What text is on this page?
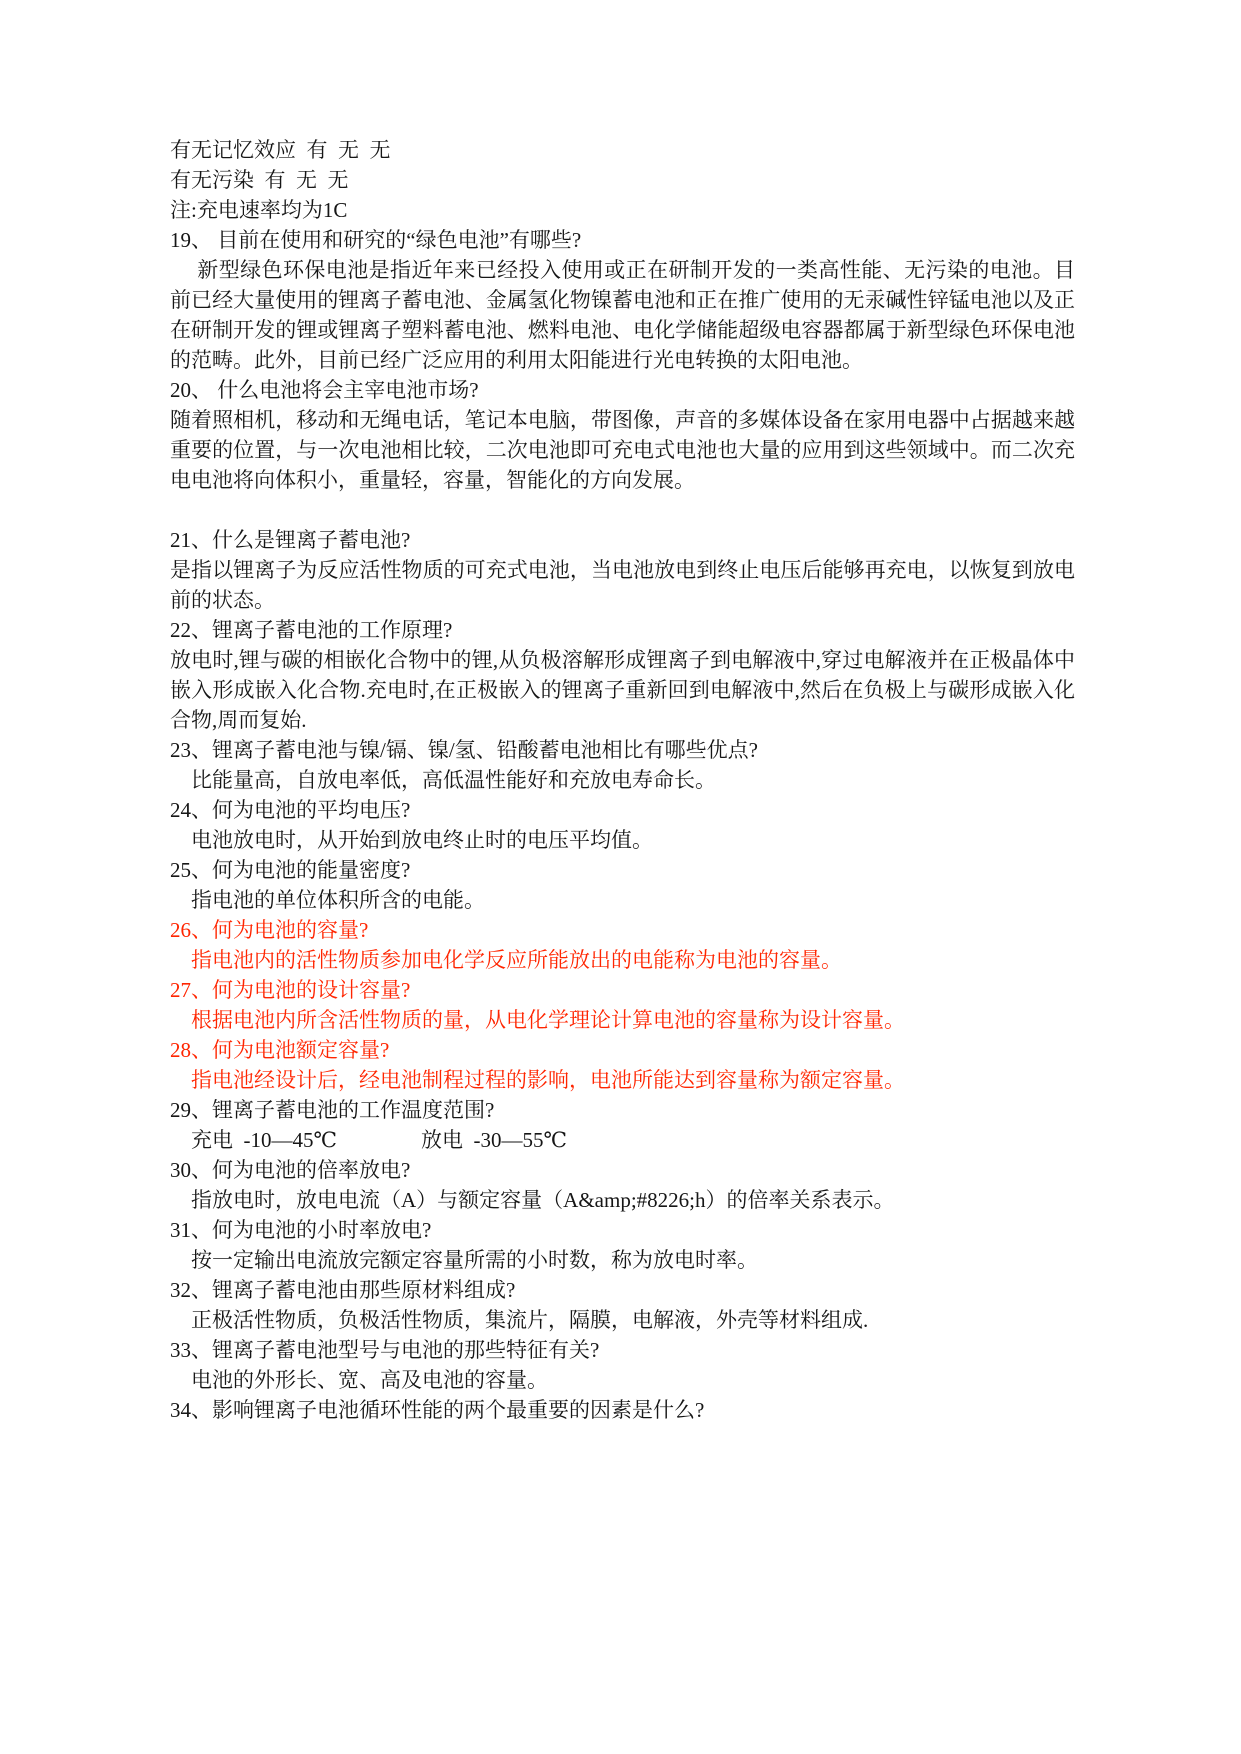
有无记忆效应  有  无  无
有无污染  有  无  无
注:充电速率均为1C
19、 目前在使用和研究的“绿色电池”有哪些?
新型绿色环保电池是指近年来已经投入使用或正在研制开发的一类高性能、无污染的电池。目前已经大量使用的锂离子蓄电池、金属氢化物镍蓄电池和正在推广使用的无汞碱性锌锰电池以及正在研制开发的锂或锂离子塑料蓄电池、燃料电池、电化学储能超级电容器都属于新型绿色环保电池的范畴。此外，目前已经广泛应用的利用太阳能进行光电转换的太阳电池。
20、 什么电池将会主宰电池市场?
随着照相机，移动和无绳电话，笔记本电脑，带图像，声音的多媒体设备在家用电器中占据越来越重要的位置，与一次电池相比较，二次电池即可充电式电池也大量的应用到这些领域中。而二次充电电池将向体积小，重量轻，容量，智能化的方向发展。

21、什么是锂离子蓄电池?
是指以锂离子为反应活性物质的可充式电池，当电池放电到终止电压后能够再充电，以恢复到放电前的状态。
22、锂离子蓄电池的工作原理?
放电时,锂与碳的相嵌化合物中的锂,从负极溶解形成锂离子到电解液中,穿过电解液并在正极晶体中嵌入形成嵌入化合物.充电时,在正极嵌入的锂离子重新回到电解液中,然后在负极上与碳形成嵌入化合物,周而复始.
23、锂离子蓄电池与镍/镉、镍/氢、铅酸蓄电池相比有哪些优点?
比能量高，自放电率低，高低温性能好和充放电寿命长。
24、何为电池的平均电压?
电池放电时，从开始到放电终止时的电压平均值。
25、何为电池的能量密度?
指电池的单位体积所含的电能。
26、何为电池的容量?
指电池内的活性物质参加电化学反应所能放出的电能称为电池的容量。
27、何为电池的设计容量?
根据电池内所含活性物质的量，从电化学理论计算电池的容量称为设计容量。
28、何为电池额定容量?
指电池经设计后，经电池制程过程的影响，电池所能达到容量称为额定容量。
29、锂离子蓄电池的工作温度范围?
充电  -10—45℃                放电  -30—55℃
30、何为电池的倍率放电?
指放电时，放电电流（A）与额定容量（A&amp;#8226;h）的倍率关系表示。
31、何为电池的小时率放电?
按一定输出电流放完额定容量所需的小时数，称为放电时率。
32、锂离子蓄电池由那些原材料组成?
正极活性物质，负极活性物质，集流片，隔膜，电解液，外壳等材料组成.
33、锂离子蓄电池型号与电池的那些特征有关?
电池的外形长、宽、高及电池的容量。
34、影响锂离子电池循环性能的两个最重要的因素是什么?
